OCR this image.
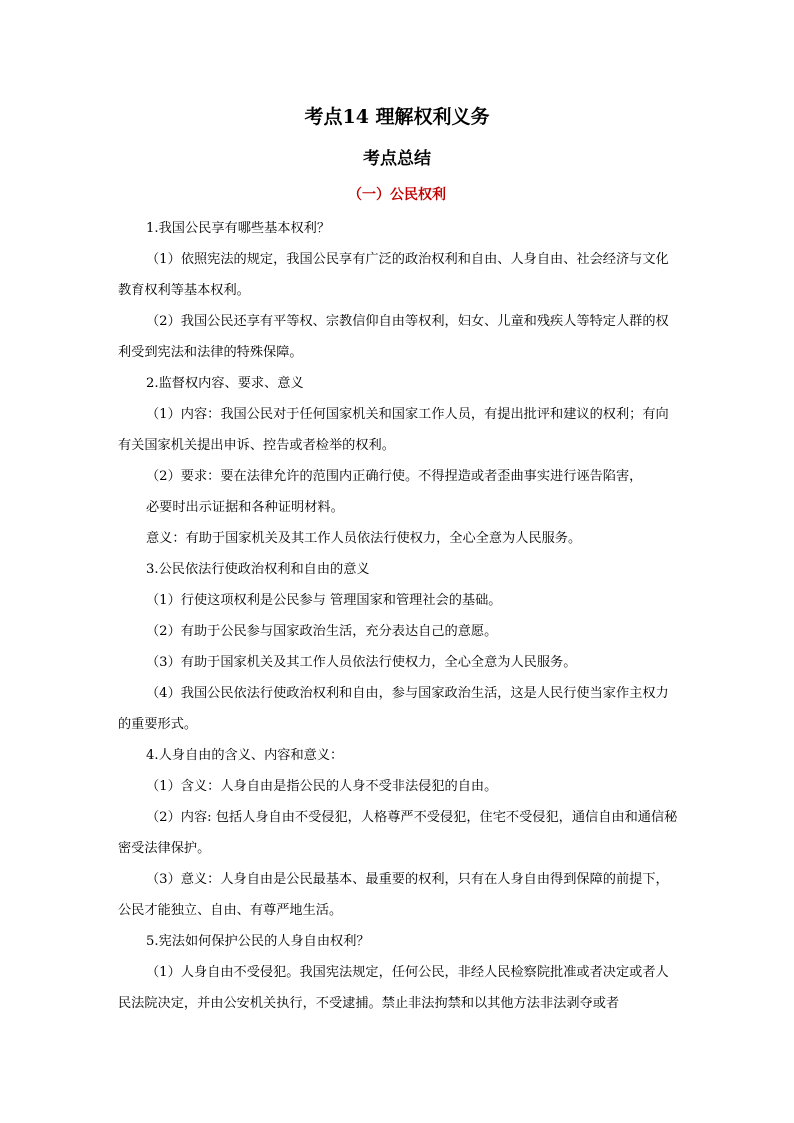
考点14 理解权利义务
考点总结
（一）公民权利

1.我国公民享有哪些基本权利？

（1）依照宪法的规定，我国公民享有广泛的政治权利和自由、人身自由、社会经济与文化教育权利等基本权利。

（2）我国公民还享有平等权、宗教信仰自由等权利，妇女、儿童和残疾人等特定人群的权利受到宪法和法律的特殊保障。

2.监督权内容、要求、意义

（1）内容：我国公民对于任何国家机关和国家工作人员，有提出批评和建议的权利；有向有关国家机关提出申诉、控告或者检举的权利。

（2）要求：要在法律允许的范围内正确行使。不得捏造或者歪曲事实进行诬告陷害，

必要时出示证据和各种证明材料。

意义：有助于国家机关及其工作人员依法行使权力，全心全意为人民服务。

3.公民依法行使政治权利和自由的意义

（1）行使这项权利是公民参与 管理国家和管理社会的基础。

（2）有助于公民参与国家政治生活，充分表达自己的意愿。

（3）有助于国家机关及其工作人员依法行使权力，全心全意为人民服务。

（4）我国公民依法行使政治权利和自由，参与国家政治生活，这是人民行使当家作主权力的重要形式。

4.人身自由的含义、内容和意义：

（1）含义：人身自由是指公民的人身不受非法侵犯的自由。

（2）内容: 包括人身自由不受侵犯，人格尊严不受侵犯，住宅不受侵犯，通信自由和通信秘密受法律保护。

（3）意义：人身自由是公民最基本、最重要的权利，只有在人身自由得到保障的前提下，公民才能独立、自由、有尊严地生活。

5.宪法如何保护公民的人身自由权利？

（1）人身自由不受侵犯。我国宪法规定，任何公民，非经人民检察院批准或者决定或者人民法院决定，并由公安机关执行，不受逮捕。禁止非法拘禁和以其他方法非法剥夺或者
